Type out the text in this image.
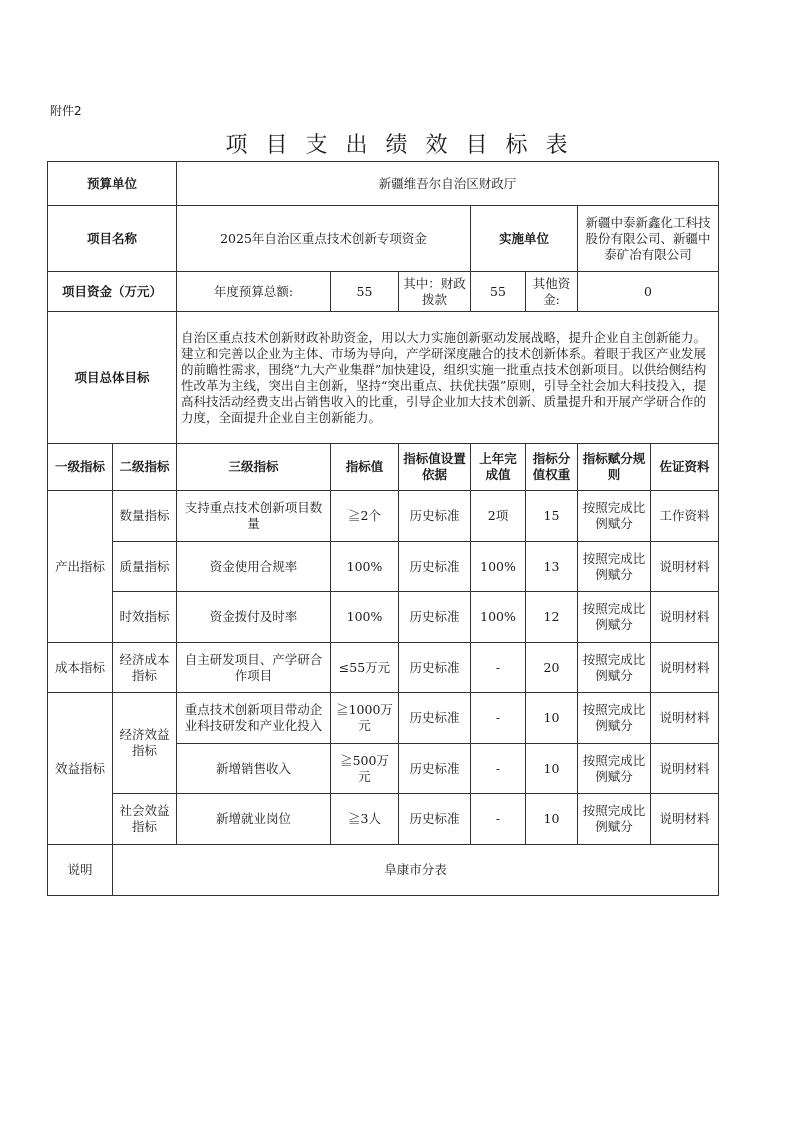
附件2
项目支出绩效目标表
预算单位	新疆维吾尔自治区财政厅					
项目名称	2025年自治区重点技术创新专项资金			实施单位		新疆中泰新鑫化工科技股份有限公司、新疆中泰矿冶有限公司
项目资金（万元）	年度预算总额:	55	其中：财政拨款	55	其他资金:	0
项目总体目标	自治区重点技术创新财政补助资金，用以大力实施创新驱动发展战略，提升企业自主创新能力。建立和完善以企业为主体、市场为导向，产学研深度融合的技术创新体系。着眼于我区产业发展的前瞻性需求，围绕“九大产业集群”加快建设，组织实施一批重点技术创新项目。以供给侧结构性改革为主线，突出自主创新，坚持“突出重点、扶优扶强”原则，引导全社会加大科技投入，提高科技活动经费支出占销售收入的比重，引导企业加大技术创新、质量提升和开展产学研合作的力度，全面提升企业自主创新能力。					
一级指标	二级指标	三级指标	指标值	指标值设置依据	上年完成值	指标分值权重	指标赋分规则	佐证资料
产出指标	数量指标	支持重点技术创新项目数量	≧2个	历史标准	2项	15	按照完成比例赋分	工作资料
	质量指标	资金使用合规率	100%	历史标准	100%	13	按照完成比例赋分	说明材料
	时效指标	资金拨付及时率	100%	历史标准	100%	12	按照完成比例赋分	说明材料
成本指标	经济成本指标	自主研发项目、产学研合作项目	≤55万元	历史标准	-	20	按照完成比例赋分	说明材料
效益指标	经济效益指标	重点技术创新项目带动企业科技研发和产业化投入	≧1000万元	历史标准	-	10	按照完成比例赋分	说明材料
		新增销售收入	≧500万元	历史标准	-	10	按照完成比例赋分	说明材料
	社会效益指标	新增就业岗位	≧3人	历史标准	-	10	按照完成比例赋分	说明材料
说明	阜康市分表							
